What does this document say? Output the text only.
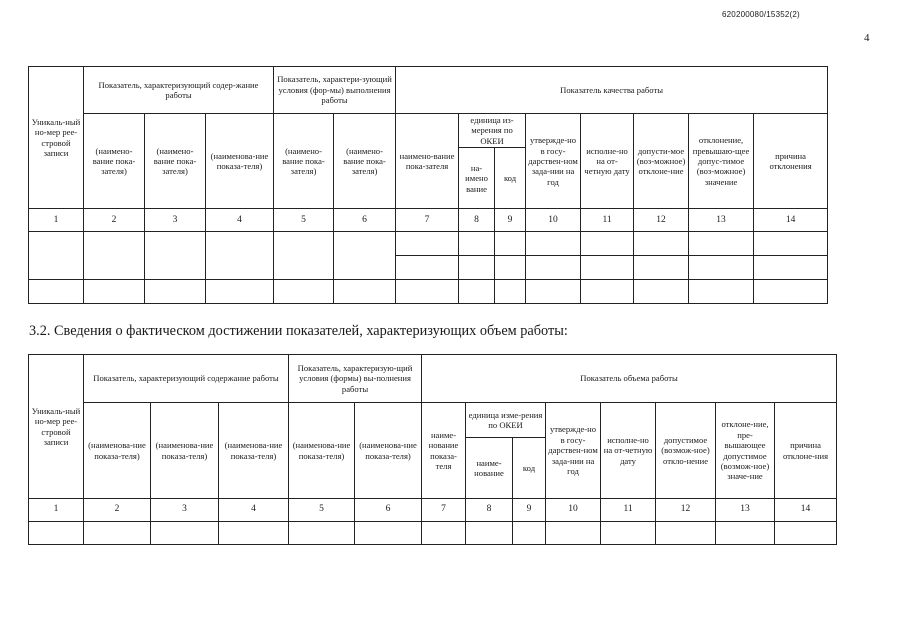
620200080/15352(2)
4
Уникаль-ный но-мер рее-стровой записи	Показатель, характеризующий содер-жание работы			Показатель, характери-зующий условия (фор-мы) выполнения работы		Показатель качества работы							
	(наимено-вание пока-зателя)	(наимено-вание пока-зателя)	(наименова-ние показа-теля)	(наимено-вание пока-зателя)	(наимено-вание пока-зателя)	наимено-вание пока-зателя	единица из-мерения по ОКЕИ		утвержде-но в госу-дарствен-ном зада-нии на год	исполне-но на от-четную дату	допусти-мое (воз-можное) отклоне-ние	отклонение, превышаю-щее допус-тимое (воз-можное) значение	причина отклонения
							на-имено вание	код					
1	2	3	4	5	6	7	8	9	10	11	12	13	14

3.2. Сведения о фактическом достижении показателей, характеризующих объем работы:
Уникаль-ный но-мер рее-стровой записи	Показатель, характеризующий содержание работы			Показатель, характеризую-щий условия (формы) вы-полнения работы		Показатель объема работы							
	(наименова-ние показа-теля)	(наименова-ние показа-теля)	(наименова-ние показа-теля)	(наименова-ние показа-теля)	(наименова-ние показа-теля)	наиме-нование показа-теля	единица изме-рения по ОКЕИ		утвержде-но в госу-дарствен-ном зада-нии на год	исполне-но на от-четную дату	допустимое (возмож-ное) откло-нение	отклоне-ние, пре-вышающее допустимое (возмож-ное) значе-ние	причина отклоне-ния
							наиме-нование	код					
1	2	3	4	5	6	7	8	9	10	11	12	13	14
